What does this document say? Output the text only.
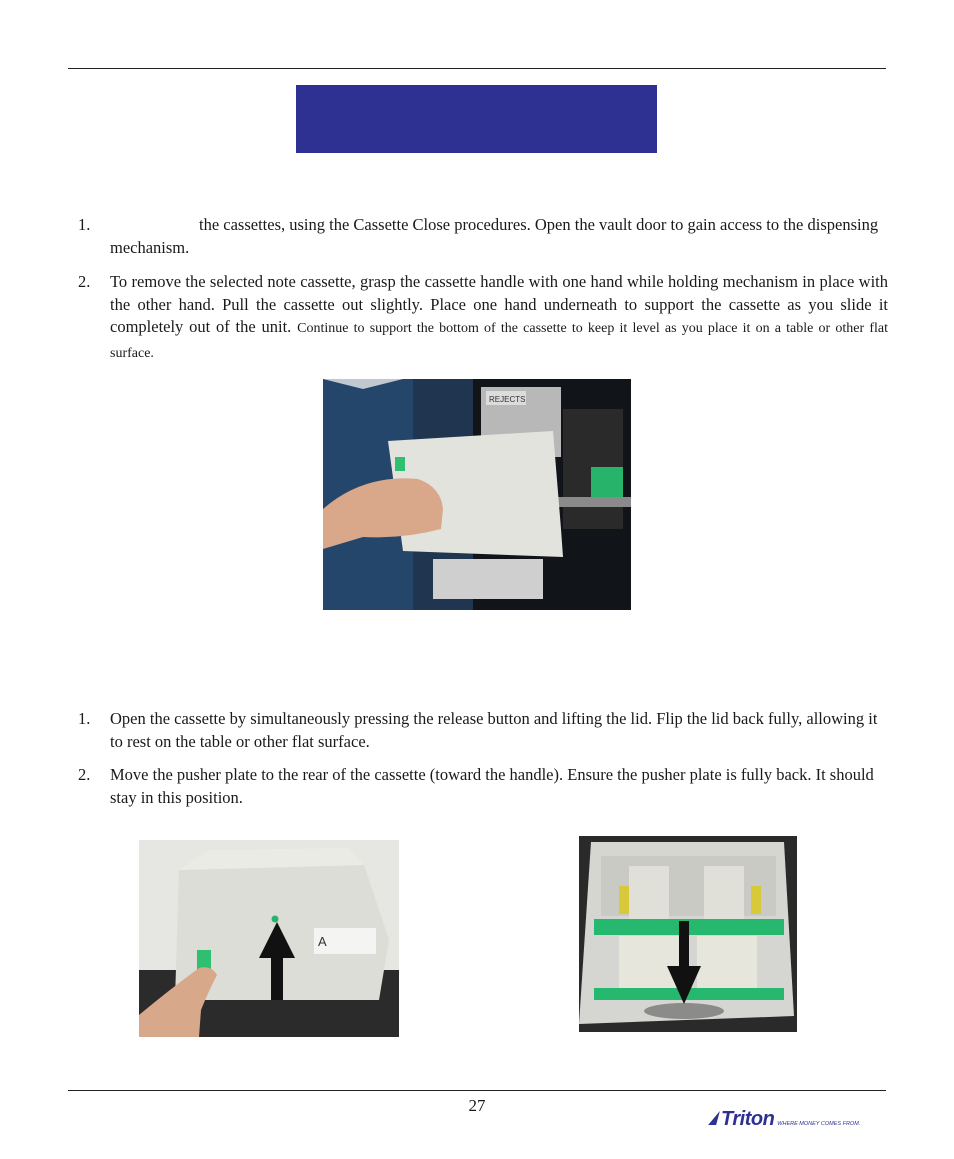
1.	the cassettes, using the Cassette Close procedures. Open the vault door to gain access to the dispensing mechanism.
2. To remove the selected note cassette, grasp the cassette handle with one hand while holding mechanism in place with the other hand. Pull the cassette out slightly. Place one hand underneath to support the cassette as you slide it completely out of the unit. Continue to support the bottom of the cassette to keep it level as you place it on a table or other flat surface.
REJECTS
1. Open the cassette by simultaneously pressing the release button and lifting the lid. Flip the lid back fully, allowing it to rest on the table or other flat surface.
2. Move the pusher plate to the rear of the cassette (toward the handle). Ensure the pusher plate is fully back. It should stay in this position.
A
27
Triton WHERE MONEY COMES FROM.
